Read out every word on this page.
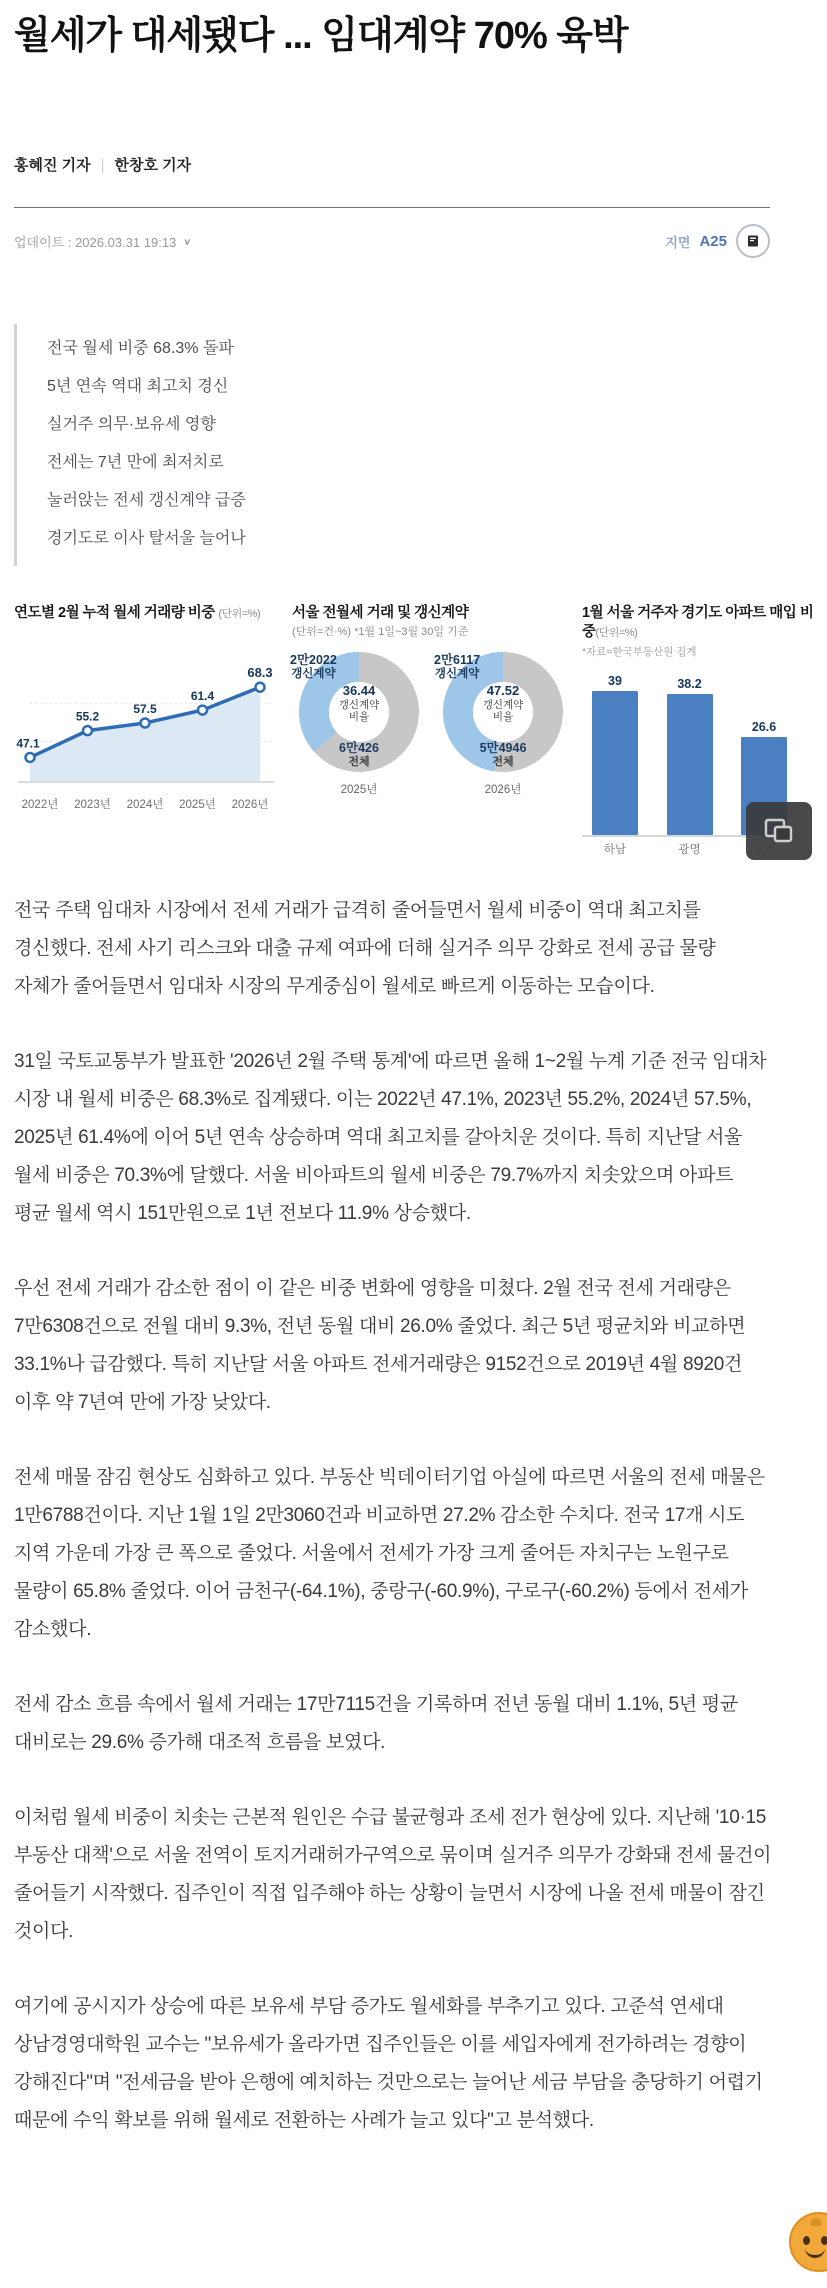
월세가 대세됐다 ... 임대계약 70% 육박
홍혜진 기자 | 한창호 기자
업데이트 : 2026.03.31 19:13 ∨	지면 A25
전국 월세 비중 68.3% 돌파
5년 연속 역대 최고치 경신
실거주 의무·보유세 영향
전세는 7년 만에 최저치로
눌러앉는 전세 갱신계약 급증
경기도로 이사 탈서울 늘어나
연도별 2월 누적 월세 거래량 비중 (단위=%)
47.1
55.2
57.5
61.4
68.3
2022년	2023년	2024년	2025년	2026년
서울 전월세 거래 및 갱신계약
(단위=건·%) *1월 1일~3월 30일 기준
2만2022
갱신계약
36.44
갱신계약
비율
6만426
전체
2025년
2만6117
갱신계약
47.52
갱신계약
비율
5만4946
전체
2026년
1월 서울 거주자 경기도 아파트 매입 비중(단위=%)
*자료=한국부동산원 집계
39	38.2
26.6
하남	광명

전국 주택 임대차 시장에서 전세 거래가 급격히 줄어들면서 월세 비중이 역대 최고치를 경신했다. 전세 사기 리스크와 대출 규제 여파에 더해 실거주 의무 강화로 전세 공급 물량 자체가 줄어들면서 임대차 시장의 무게중심이 월세로 빠르게 이동하는 모습이다.

31일 국토교통부가 발표한 '2026년 2월 주택 통계'에 따르면 올해 1~2월 누계 기준 전국 임대차 시장 내 월세 비중은 68.3%로 집계됐다. 이는 2022년 47.1%, 2023년 55.2%, 2024년 57.5%, 2025년 61.4%에 이어 5년 연속 상승하며 역대 최고치를 갈아치운 것이다. 특히 지난달 서울 월세 비중은 70.3%에 달했다. 서울 비아파트의 월세 비중은 79.7%까지 치솟았으며 아파트 평균 월세 역시 151만원으로 1년 전보다 11.9% 상승했다.

우선 전세 거래가 감소한 점이 이 같은 비중 변화에 영향을 미쳤다. 2월 전국 전세 거래량은 7만6308건으로 전월 대비 9.3%, 전년 동월 대비 26.0% 줄었다. 최근 5년 평균치와 비교하면 33.1%나 급감했다. 특히 지난달 서울 아파트 전세거래량은 9152건으로 2019년 4월 8920건 이후 약 7년여 만에 가장 낮았다.

전세 매물 잠김 현상도 심화하고 있다. 부동산 빅데이터기업 아실에 따르면 서울의 전세 매물은 1만6788건이다. 지난 1월 1일 2만3060건과 비교하면 27.2% 감소한 수치다. 전국 17개 시도 지역 가운데 가장 큰 폭으로 줄었다. 서울에서 전세가 가장 크게 줄어든 자치구는 노원구로 물량이 65.8% 줄었다. 이어 금천구(-64.1%), 중랑구(-60.9%), 구로구(-60.2%) 등에서 전세가 감소했다.

전세 감소 흐름 속에서 월세 거래는 17만7115건을 기록하며 전년 동월 대비 1.1%, 5년 평균 대비로는 29.6% 증가해 대조적 흐름을 보였다.

이처럼 월세 비중이 치솟는 근본적 원인은 수급 불균형과 조세 전가 현상에 있다. 지난해 '10·15 부동산 대책'으로 서울 전역이 토지거래허가구역으로 묶이며 실거주 의무가 강화돼 전세 물건이 줄어들기 시작했다. 집주인이 직접 입주해야 하는 상황이 늘면서 시장에 나올 전세 매물이 잠긴 것이다.

여기에 공시지가 상승에 따른 보유세 부담 증가도 월세화를 부추기고 있다. 고준석 연세대 상남경영대학원 교수는 "보유세가 올라가면 집주인들은 이를 세입자에게 전가하려는 경향이 강해진다"며 "전세금을 받아 은행에 예치하는 것만으로는 늘어난 세금 부담을 충당하기 어렵기 때문에 수익 확보를 위해 월세로 전환하는 사례가 늘고 있다"고 분석했다.
